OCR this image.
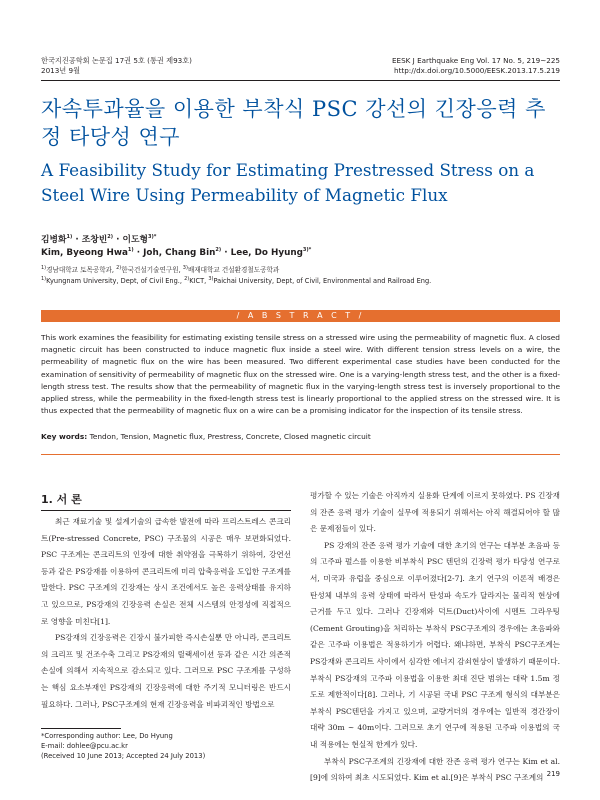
한국지진공학회 논문집 17권 5호 (통권 제93호)
2013년 9월
EESK J Earthquake Eng Vol. 17 No. 5, 219~225
http://dx.doi.org/10.5000/EESK.2013.17.5.219
자속투과율을 이용한 부착식 PSC 강선의 긴장응력 추정 타당성 연구
A Feasibility Study for Estimating Prestressed Stress on a Steel Wire Using Permeability of Magnetic Flux
김병화$^{1)}$ · 조창빈$^{2)}$ · 이도형$^{3)*}$
Kim, Byeong Hwa$^{1)}$ · Joh, Chang Bin$^{2)}$ · Lee, Do Hyung$^{3)*}$
$^{1)}$경남대학교 토목공학과, $^{2)}$한국건설기술연구원, $^{3)}$배재대학교 건설환경철도공학과
$^{1)}$Kyungnam University, Dept, of Civil Eng., $^{2)}$KICT, $^{3)}$Paichai University, Dept, of Civil, Environmental and Railroad Eng.
/ A B S T R A C T /
This work examines the feasibility for estimating existing tensile stress on a stressed wire using the permeability of magnetic flux. A closed magnetic circuit has been constructed to induce magnetic flux inside a steel wire. With different tension stress levels on a wire, the permeability of magnetic flux on the wire has been measured. Two different experimental case studies have been conducted for the examination of sensitivity of permeability of magnetic flux on the stressed wire. One is a varying-length stress test, and the other is a fixed-length stress test. The results show that the permeability of magnetic flux in the varying-length stress test is inversely proportional to the applied stress, while the permeability in the fixed-length stress test is linearly proportional to the applied stress on the stressed wire. It is thus expected that the permeability of magnetic flux on a wire can be a promising indicator for the inspection of its tensile stress.
Key words: Tendon, Tension, Magnetic flux, Prestress, Concrete, Closed magnetic circuit
1. 서 론

최근 재료기술 및 설계기술의 급속한 발전에 따라 프리스트레스 콘크리트(Pre-stressed Concrete, PSC) 구조물의 시공은 매우 보편화되었다. PSC 구조계는 콘크리트의 인장에 대한 취약점을 극복하기 위하여, 강연선 등과 같은 PS강재를 이용하여 콘크리트에 미리 압축응력을 도입한 구조계를 말한다. PSC 구조계의 긴장재는 상시 조건에서도 높은 응력상태를 유지하고 있으므로, PS강재의 긴장응력 손실은 전체 시스템의 안정성에 직접적으로 영향을 미친다[1].

PS강재의 긴장응력은 긴장시 불가피한 즉시손실뿐 만 아니라, 콘크리트의 크리프 및 건조수축 그리고 PS강재의 릴랙세이션 등과 같은 시간 의존적 손실에 의해서 지속적으로 감소되고 있다. 그러므로 PSC 구조계를 구성하는 핵심 요소부재인 PS강재의 긴장응력에 대한 주기적 모니터링은 반드시 필요하다. 그러나, PSC구조계의 현재 긴장응력을 비파괴적인 방법으로

평가할 수 있는 기술은 아직까지 실용화 단계에 이르지 못하였다. PS 긴장재의 잔존 응력 평가 기술이 실무에 적용되기 위해서는 아직 해결되어야 할 많은 문제점들이 있다.

PS 강재의 잔존 응력 평가 기술에 대한 초기의 연구는 대부분 초음파 등의 고주파 펄스를 이용한 비부착식 PSC 텐던의 긴장력 평가 타당성 연구로서, 미국과 유럽을 중심으로 이루어졌다[2-7]. 초기 연구의 이론적 배경은 탄성체 내부의 응력 상태에 따라서 탄성파 속도가 달라지는 물리적 현상에 근거를 두고 있다. 그러나 긴장재와 덕트(Duct)사이에 시멘트 그라우팅(Cement Grouting)을 처리하는 부착식 PSC구조계의 경우에는 초음파와 같은 고주파 이용법은 적용하기가 어렵다. 왜냐하면, 부착식 PSC구조계는 PS강재와 콘크리트 사이에서 심각한 에너지 감쇠현상이 발생하기 때문이다. 부착식 PS강재의 고주파 이용법을 이용한 최대 진단 범위는 대략 1.5m 정도로 제한적이다[8]. 그러나, 기 시공된 국내 PSC 구조계 형식의 대부분은 부착식 PSC텐던을 가지고 있으며, 교량거더의 경우에는 일반적 경간장이 대략 30m ~ 40m이다. 그러므로 초기 연구에 적용된 고주파 이용법의 국내 적용에는 현실적 한계가 있다.

부착식 PSC구조계의 긴장재에 대한 잔존 응력 평가 연구는 Kim et al.[9]에 의하여 최초 시도되었다. Kim et al.[9]은 부착식 PSC 구조계의

*Corresponding author: Lee, Do Hyung
E-mail: dohlee@pcu.ac.kr
(Received 10 June 2013; Accepted 24 July 2013)
219
